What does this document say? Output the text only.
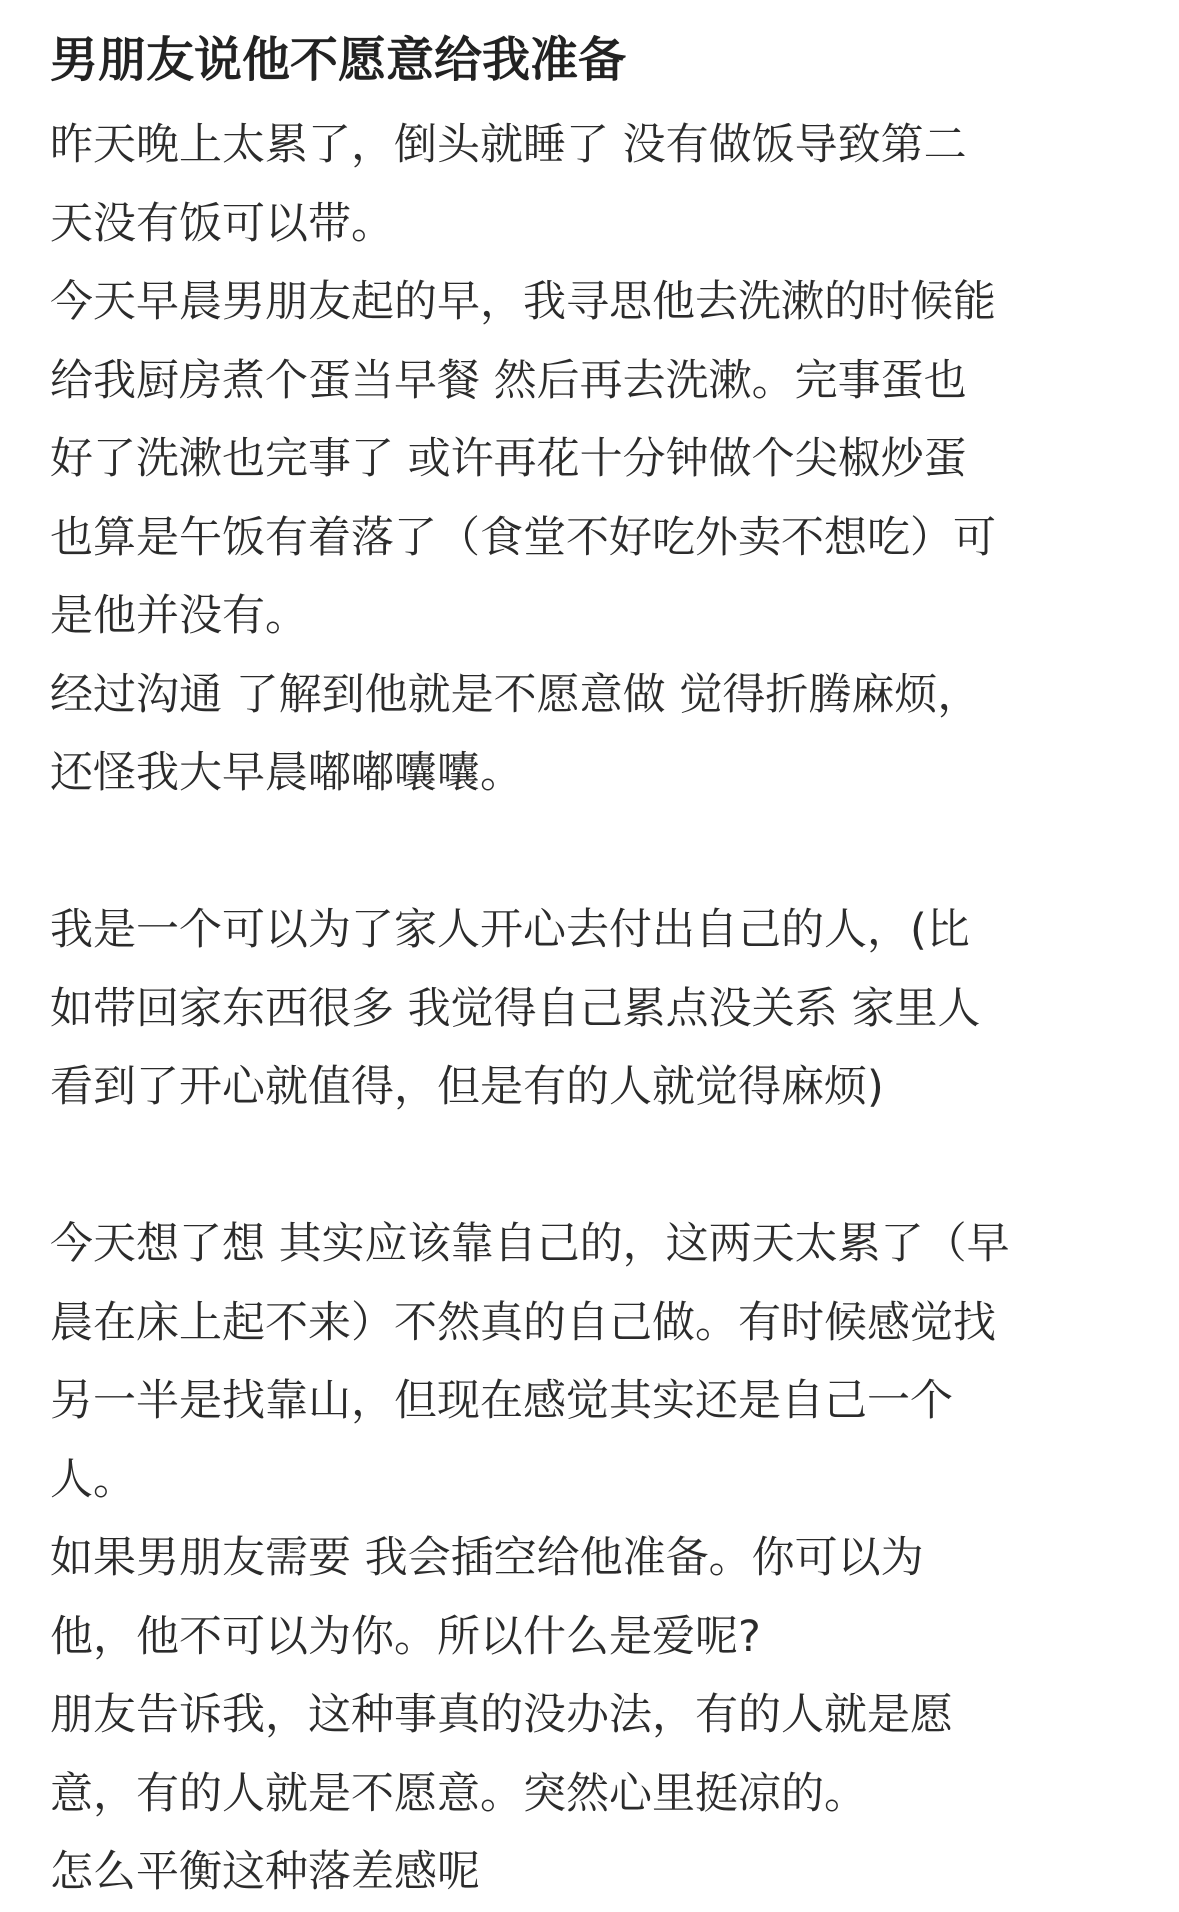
男朋友说他不愿意给我准备
昨天晚上太累了，倒头就睡了 没有做饭导致第二
天没有饭可以带。
今天早晨男朋友起的早，我寻思他去洗漱的时候能
给我厨房煮个蛋当早餐 然后再去洗漱。完事蛋也
好了洗漱也完事了 或许再花十分钟做个尖椒炒蛋
也算是午饭有着落了（食堂不好吃外卖不想吃）可
是他并没有。
经过沟通 了解到他就是不愿意做 觉得折腾麻烦，
还怪我大早晨嘟嘟囔囔。
我是一个可以为了家人开心去付出自己的人，(比
如带回家东西很多 我觉得自己累点没关系 家里人
看到了开心就值得，但是有的人就觉得麻烦)
今天想了想 其实应该靠自己的，这两天太累了（早
晨在床上起不来）不然真的自己做。有时候感觉找
另一半是找靠山，但现在感觉其实还是自己一个
人。
如果男朋友需要 我会插空给他准备。你可以为
他，他不可以为你。所以什么是爱呢?
朋友告诉我，这种事真的没办法，有的人就是愿
意，有的人就是不愿意。突然心里挺凉的。
怎么平衡这种落差感呢
